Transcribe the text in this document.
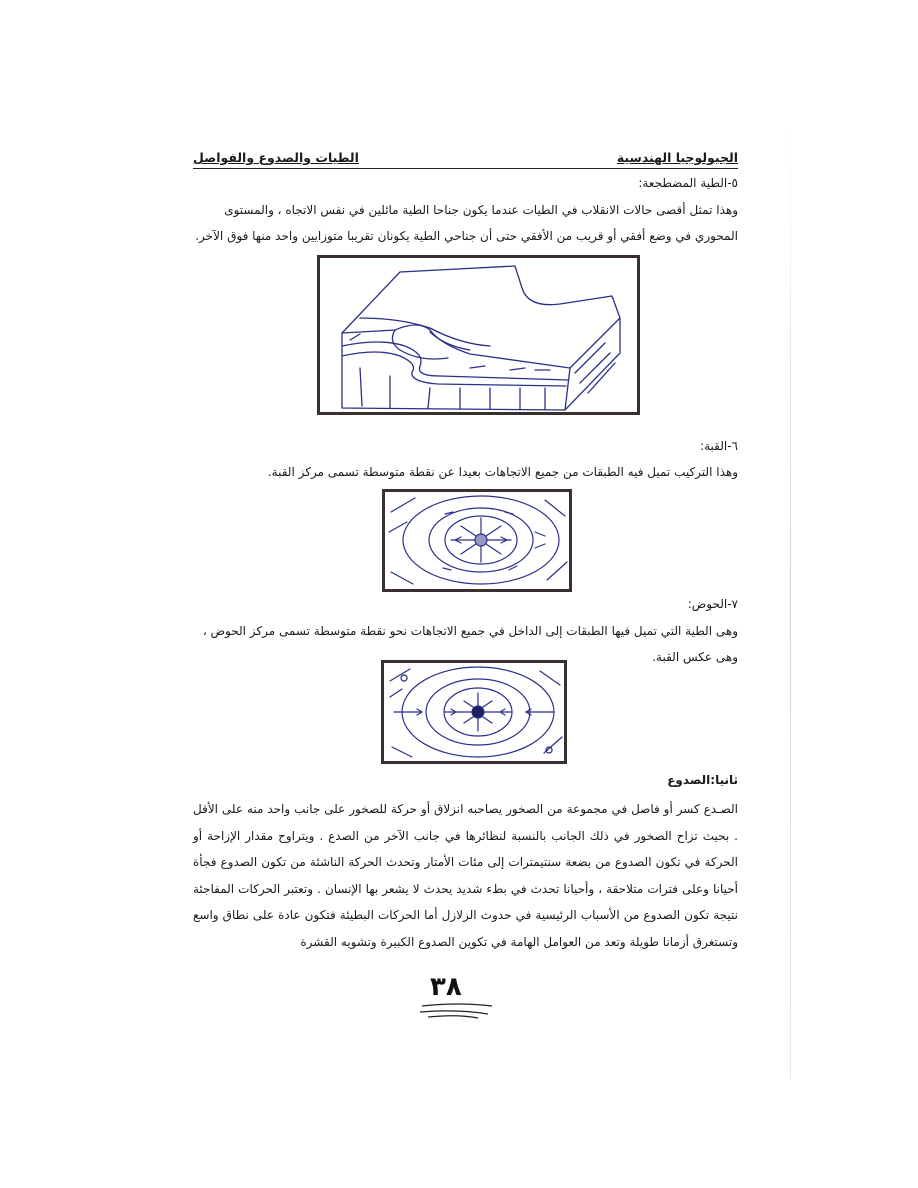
الطيات والصدوع والفواصل	الجيولوجيا الهندسية
٥-الطية المضطجعة:
وهذا تمثل أقصى حالات الانقلاب في الطيات عندما يكون جناحا الطية مائلين في نفس الاتجاه ، والمستوى
المحوري في وضع أفقي أو قريب من الأفقي حتى أن جناحي الطية يكونان تقريبا متوزايين واحد منها فوق الآخر.
٦-القبة:
وهذا التركيب تميل فيه الطبقات من جميع الاتجاهات بعيدا عن نقطة متوسطة تسمى مركز القبة.
٧-الحوض:
وهى الطية التي تميل فيها الطبقات إلى الداخل في جميع الاتجاهات نحو نقطة متوسطة تسمى مركز الحوض ،
وهى عكس القبة.
ثانيا:الصدوع
الصـدع كسر أو فاصل في مجموعة من الصخور يصاحبه انزلاق أو حركة للصخور على جانب واحد منه على الأقل . بحيث تزاح الصخور في ذلك الجانب بالنسبة لنظائرها في جانب الآخر من الصدع . ويتراوح مقدار الإزاحة أو الحركة في تكون الصدوع من بضعة سنتيمترات إلى مئات الأمتار وتحدث الحركة الناشئة من تكون الصدوع فجأة أحيانا وعلى فترات متلاحقة ، وأحيانا تحدث في بطء شديد يحدث لا يشعر بها الإنسان . وتعتبر الحركات المفاجئة نتيجة تكون الصدوع من الأسباب الرئيسية في حدوث الزلازل أما الحركات البطيئة فتكون عادة على نطاق واسع وتستغرق أزمانا طويلة وتعد من العوامل الهامة في تكوين الصدوع الكبيرة وتشويه القشرة
٣٨
